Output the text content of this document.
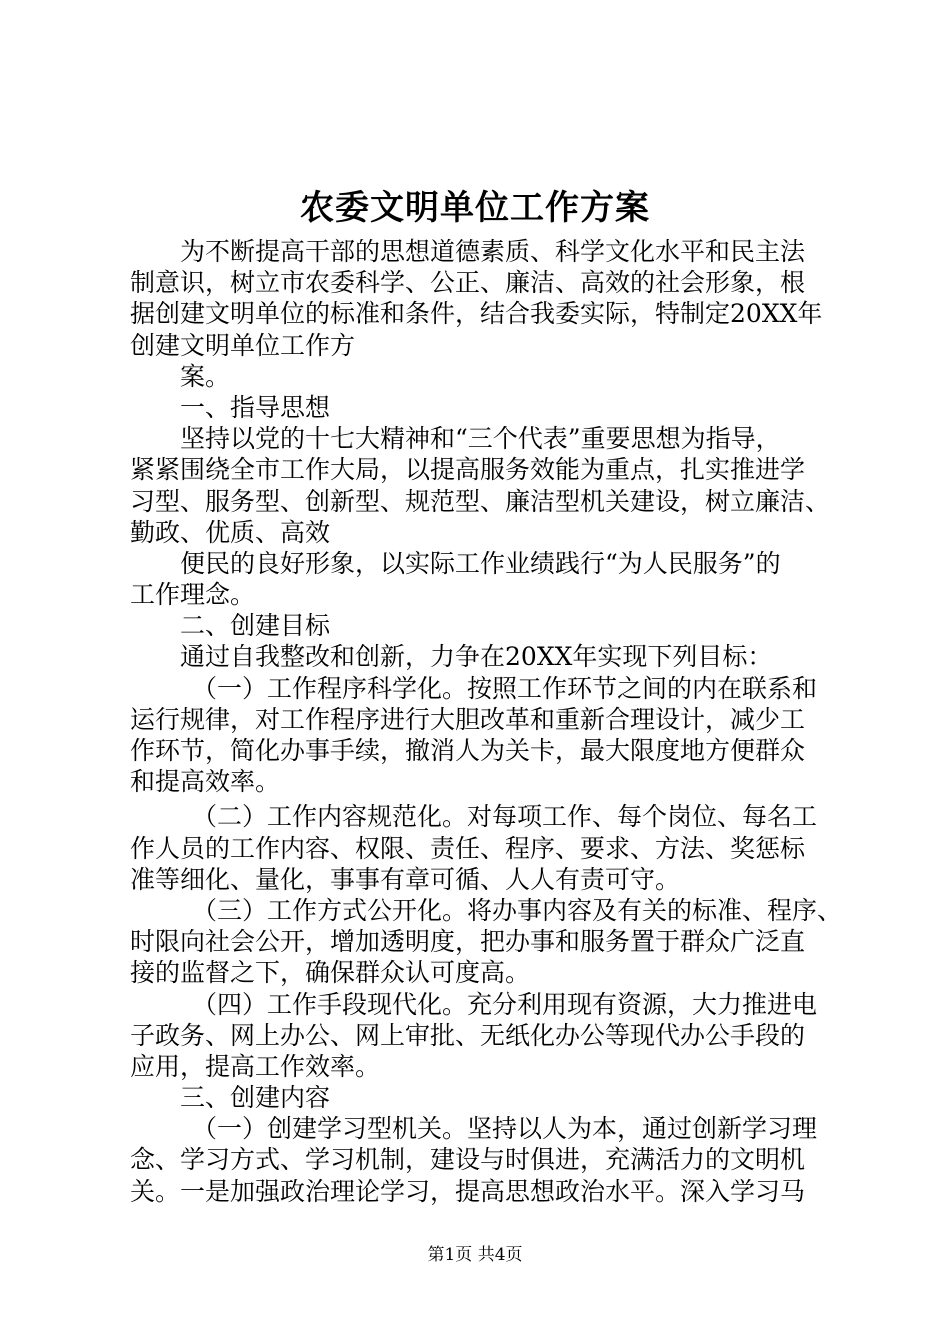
农委文明单位工作方案
为不断提高干部的思想道德素质、科学文化水平和民主法
制意识，树立市农委科学、公正、廉洁、高效的社会形象，根
据创建文明单位的标准和条件，结合我委实际，特制定20XX年
创建文明单位工作方
案。
一、指导思想
坚持以党的十七大精神和“三个代表”重要思想为指导，
紧紧围绕全市工作大局，以提高服务效能为重点，扎实推进学
习型、服务型、创新型、规范型、廉洁型机关建设，树立廉洁、
勤政、优质、高效
便民的良好形象，以实际工作业绩践行“为人民服务”的
工作理念。
二、创建目标
通过自我整改和创新，力争在20XX年实现下列目标：
（一）工作程序科学化。按照工作环节之间的内在联系和
运行规律，对工作程序进行大胆改革和重新合理设计，减少工
作环节，简化办事手续，撤消人为关卡，最大限度地方便群众
和提高效率。
（二）工作内容规范化。对每项工作、每个岗位、每名工
作人员的工作内容、权限、责任、程序、要求、方法、奖惩标
准等细化、量化，事事有章可循、人人有责可守。
（三）工作方式公开化。将办事内容及有关的标准、程序、
时限向社会公开，增加透明度，把办事和服务置于群众广泛直
接的监督之下，确保群众认可度高。
（四）工作手段现代化。充分利用现有资源，大力推进电
子政务、网上办公、网上审批、无纸化办公等现代办公手段的
应用，提高工作效率。
三、创建内容
（一）创建学习型机关。坚持以人为本，通过创新学习理
念、学习方式、学习机制，建设与时俱进，充满活力的文明机
关。一是加强政治理论学习，提高思想政治水平。深入学习马
第1页 共4页
